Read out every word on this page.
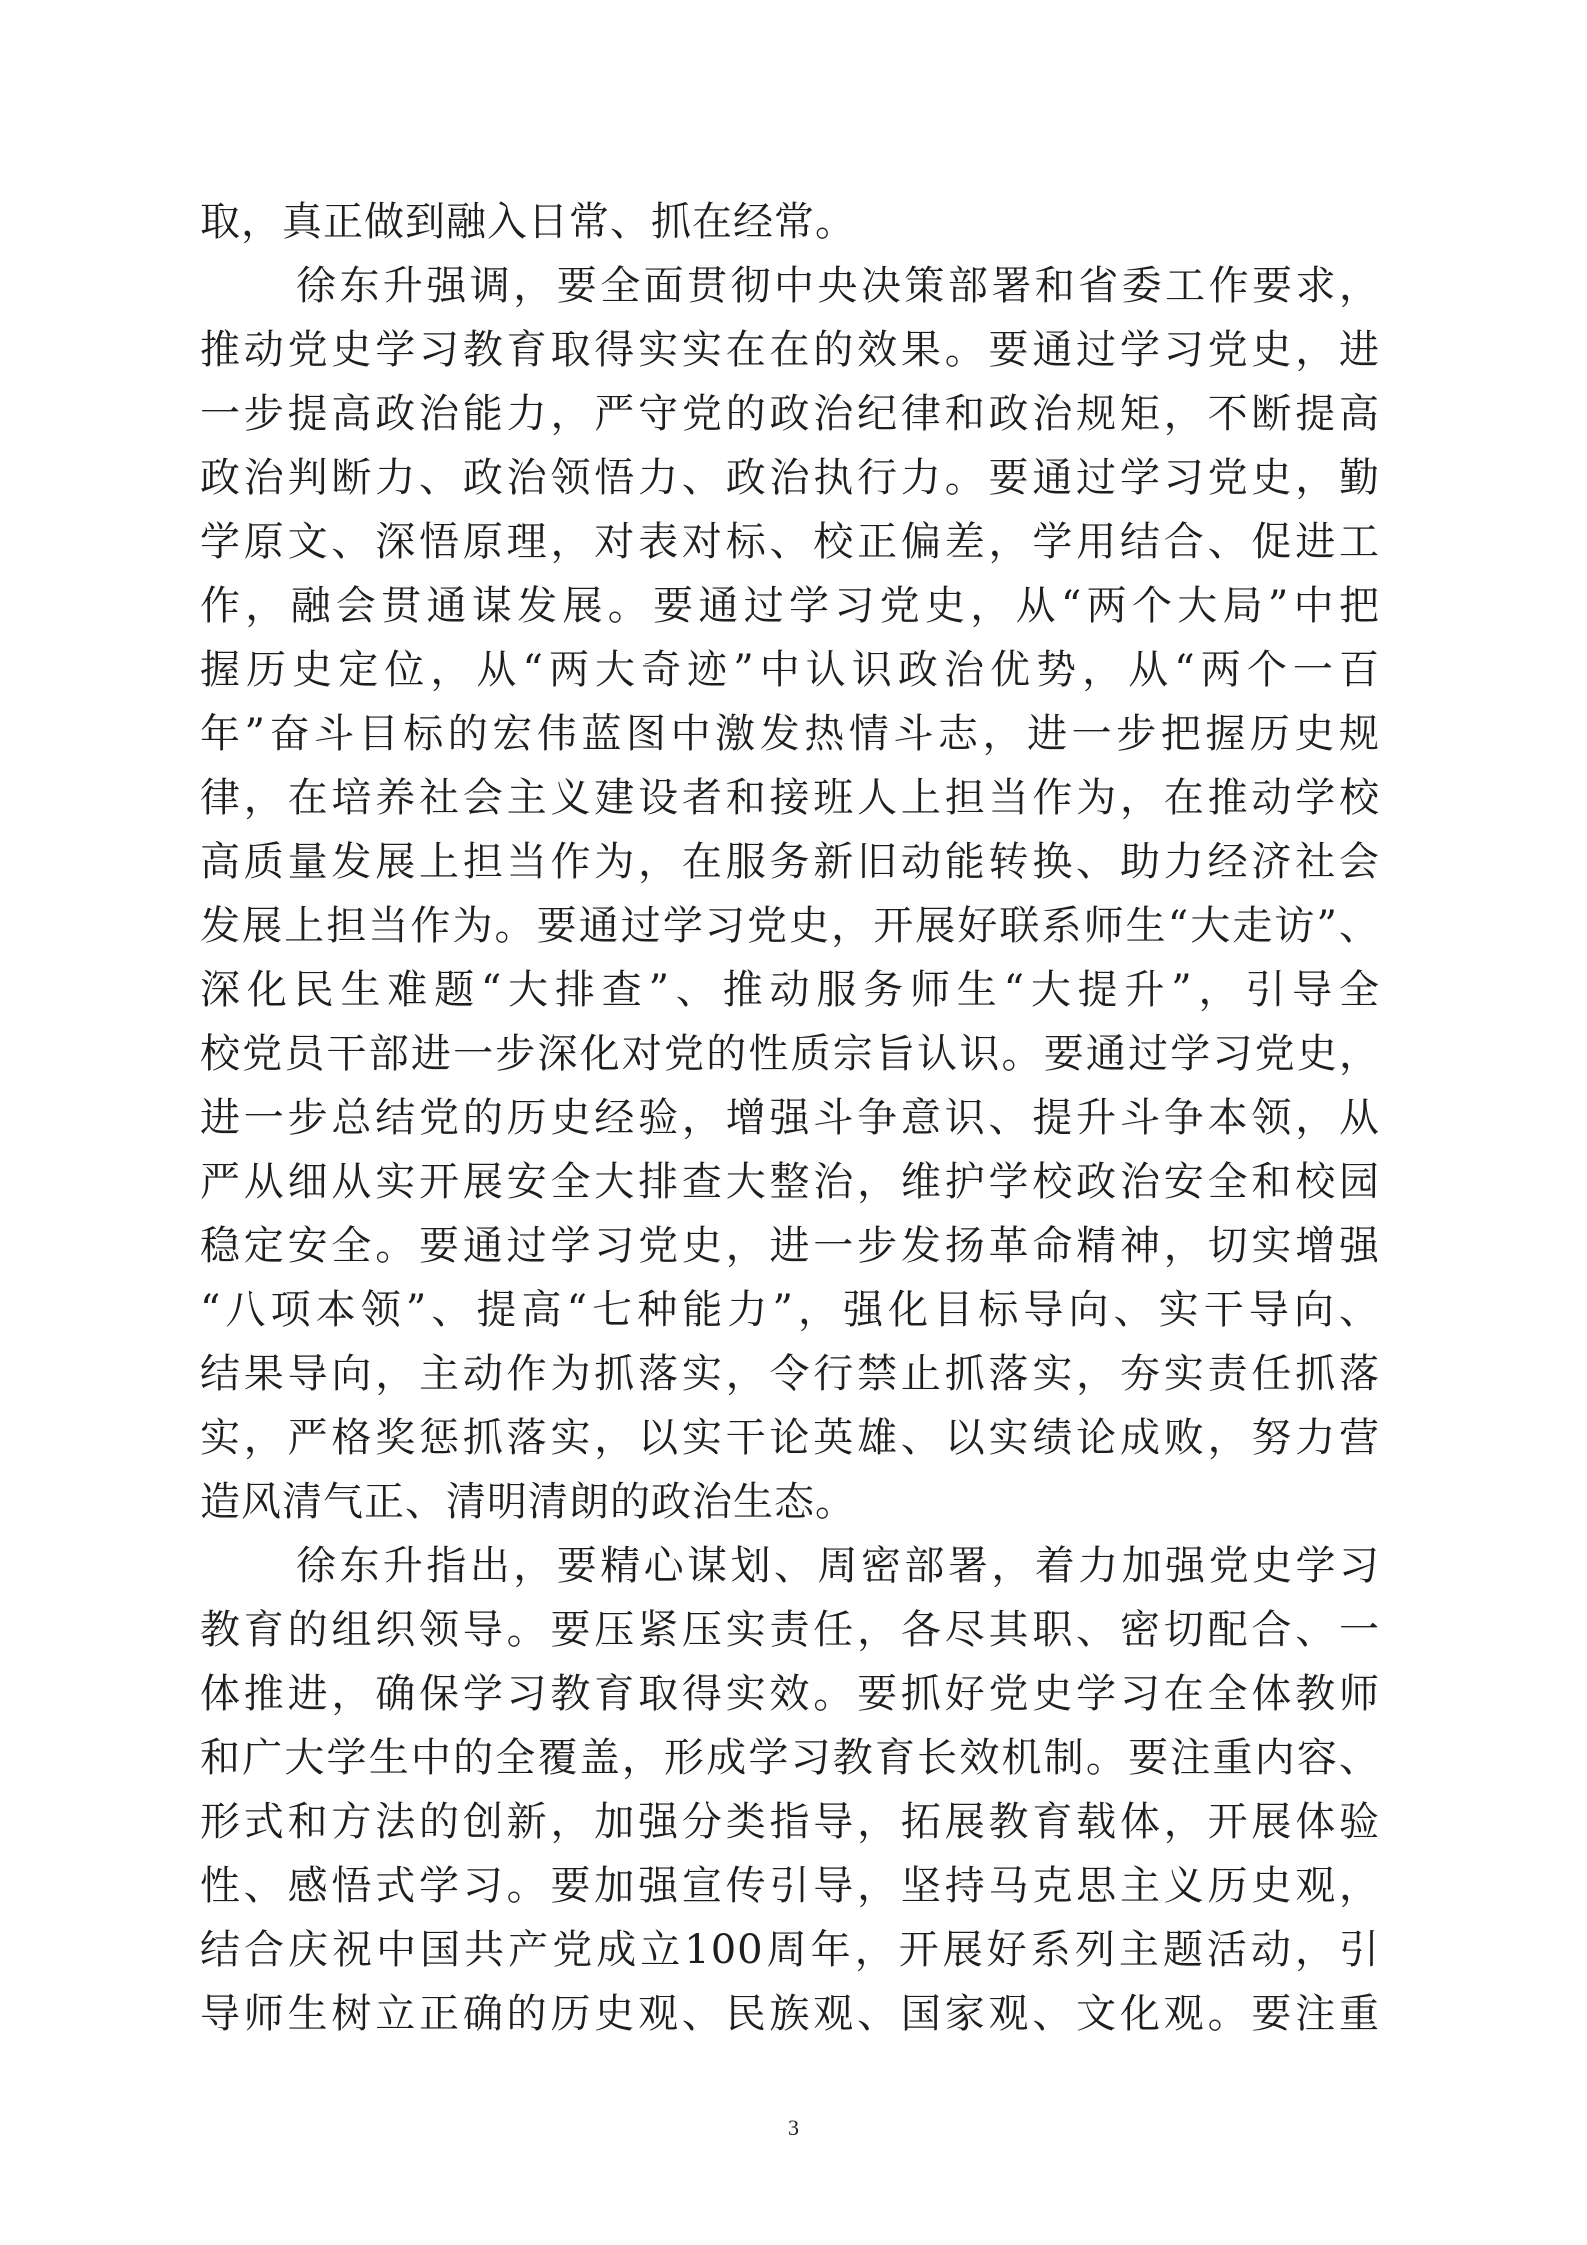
取，真正做到融入日常、抓在经常。
徐东升强调，要全面贯彻中央决策部署和省委工作要求，
推动党史学习教育取得实实在在的效果。要通过学习党史，进
一步提高政治能力，严守党的政治纪律和政治规矩，不断提高
政治判断力、政治领悟力、政治执行力。要通过学习党史，勤
学原文、深悟原理，对表对标、校正偏差，学用结合、促进工
作，融会贯通谋发展。要通过学习党史，从“两个大局”中把
握历史定位，从“两大奇迹”中认识政治优势，从“两个一百
年”奋斗目标的宏伟蓝图中激发热情斗志，进一步把握历史规
律，在培养社会主义建设者和接班人上担当作为，在推动学校
高质量发展上担当作为，在服务新旧动能转换、助力经济社会
发展上担当作为。要通过学习党史，开展好联系师生“大走访”、
深化民生难题“大排查”、推动服务师生“大提升”，引导全
校党员干部进一步深化对党的性质宗旨认识。要通过学习党史，
进一步总结党的历史经验，增强斗争意识、提升斗争本领，从
严从细从实开展安全大排查大整治，维护学校政治安全和校园
稳定安全。要通过学习党史，进一步发扬革命精神，切实增强
“八项本领”、提高“七种能力”，强化目标导向、实干导向、
结果导向，主动作为抓落实，令行禁止抓落实，夯实责任抓落
实，严格奖惩抓落实，以实干论英雄、以实绩论成败，努力营
造风清气正、清明清朗的政治生态。
徐东升指出，要精心谋划、周密部署，着力加强党史学习
教育的组织领导。要压紧压实责任，各尽其职、密切配合、一
体推进，确保学习教育取得实效。要抓好党史学习在全体教师
和广大学生中的全覆盖，形成学习教育长效机制。要注重内容、
形式和方法的创新，加强分类指导，拓展教育载体，开展体验
性、感悟式学习。要加强宣传引导，坚持马克思主义历史观，
结合庆祝中国共产党成立100周年，开展好系列主题活动，引
导师生树立正确的历史观、民族观、国家观、文化观。要注重
3
